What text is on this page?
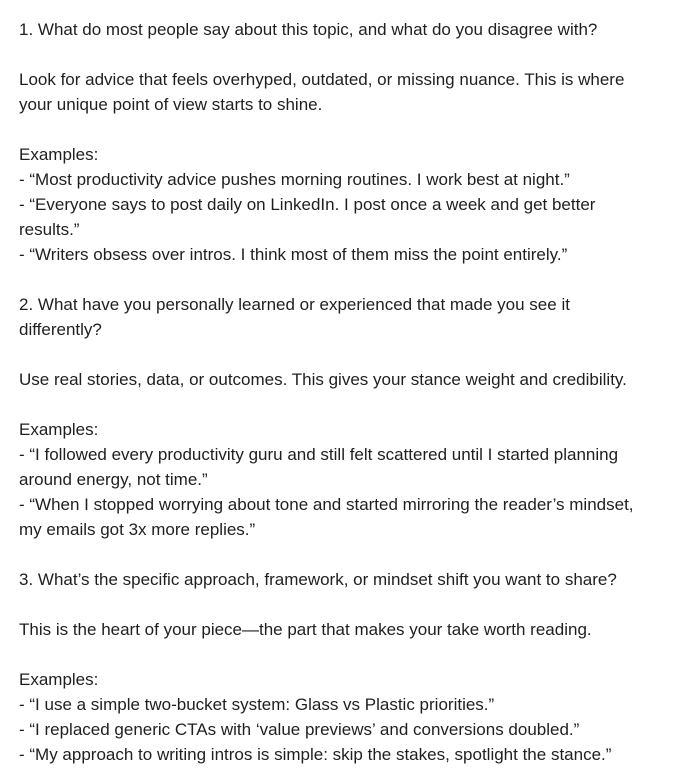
1. What do most people say about this topic, and what do you disagree with?

Look for advice that feels overhyped, outdated, or missing nuance. This is where your unique point of view starts to shine.

Examples:

- “Most productivity advice pushes morning routines. I work best at night.”

- “Everyone says to post daily on LinkedIn. I post once a week and get better results.”

- “Writers obsess over intros. I think most of them miss the point entirely.”

2. What have you personally learned or experienced that made you see it differently?

Use real stories, data, or outcomes. This gives your stance weight and credibility.

Examples:

- “I followed every productivity guru and still felt scattered until I started planning around energy, not time.”

- “When I stopped worrying about tone and started mirroring the reader’s mindset, my emails got 3x more replies.”

3. What’s the specific approach, framework, or mindset shift you want to share?

This is the heart of your piece—the part that makes your take worth reading.

Examples:

- “I use a simple two-bucket system: Glass vs Plastic priorities.”

- “I replaced generic CTAs with ‘value previews’ and conversions doubled.”

- “My approach to writing intros is simple: skip the stakes, spotlight the stance.”
